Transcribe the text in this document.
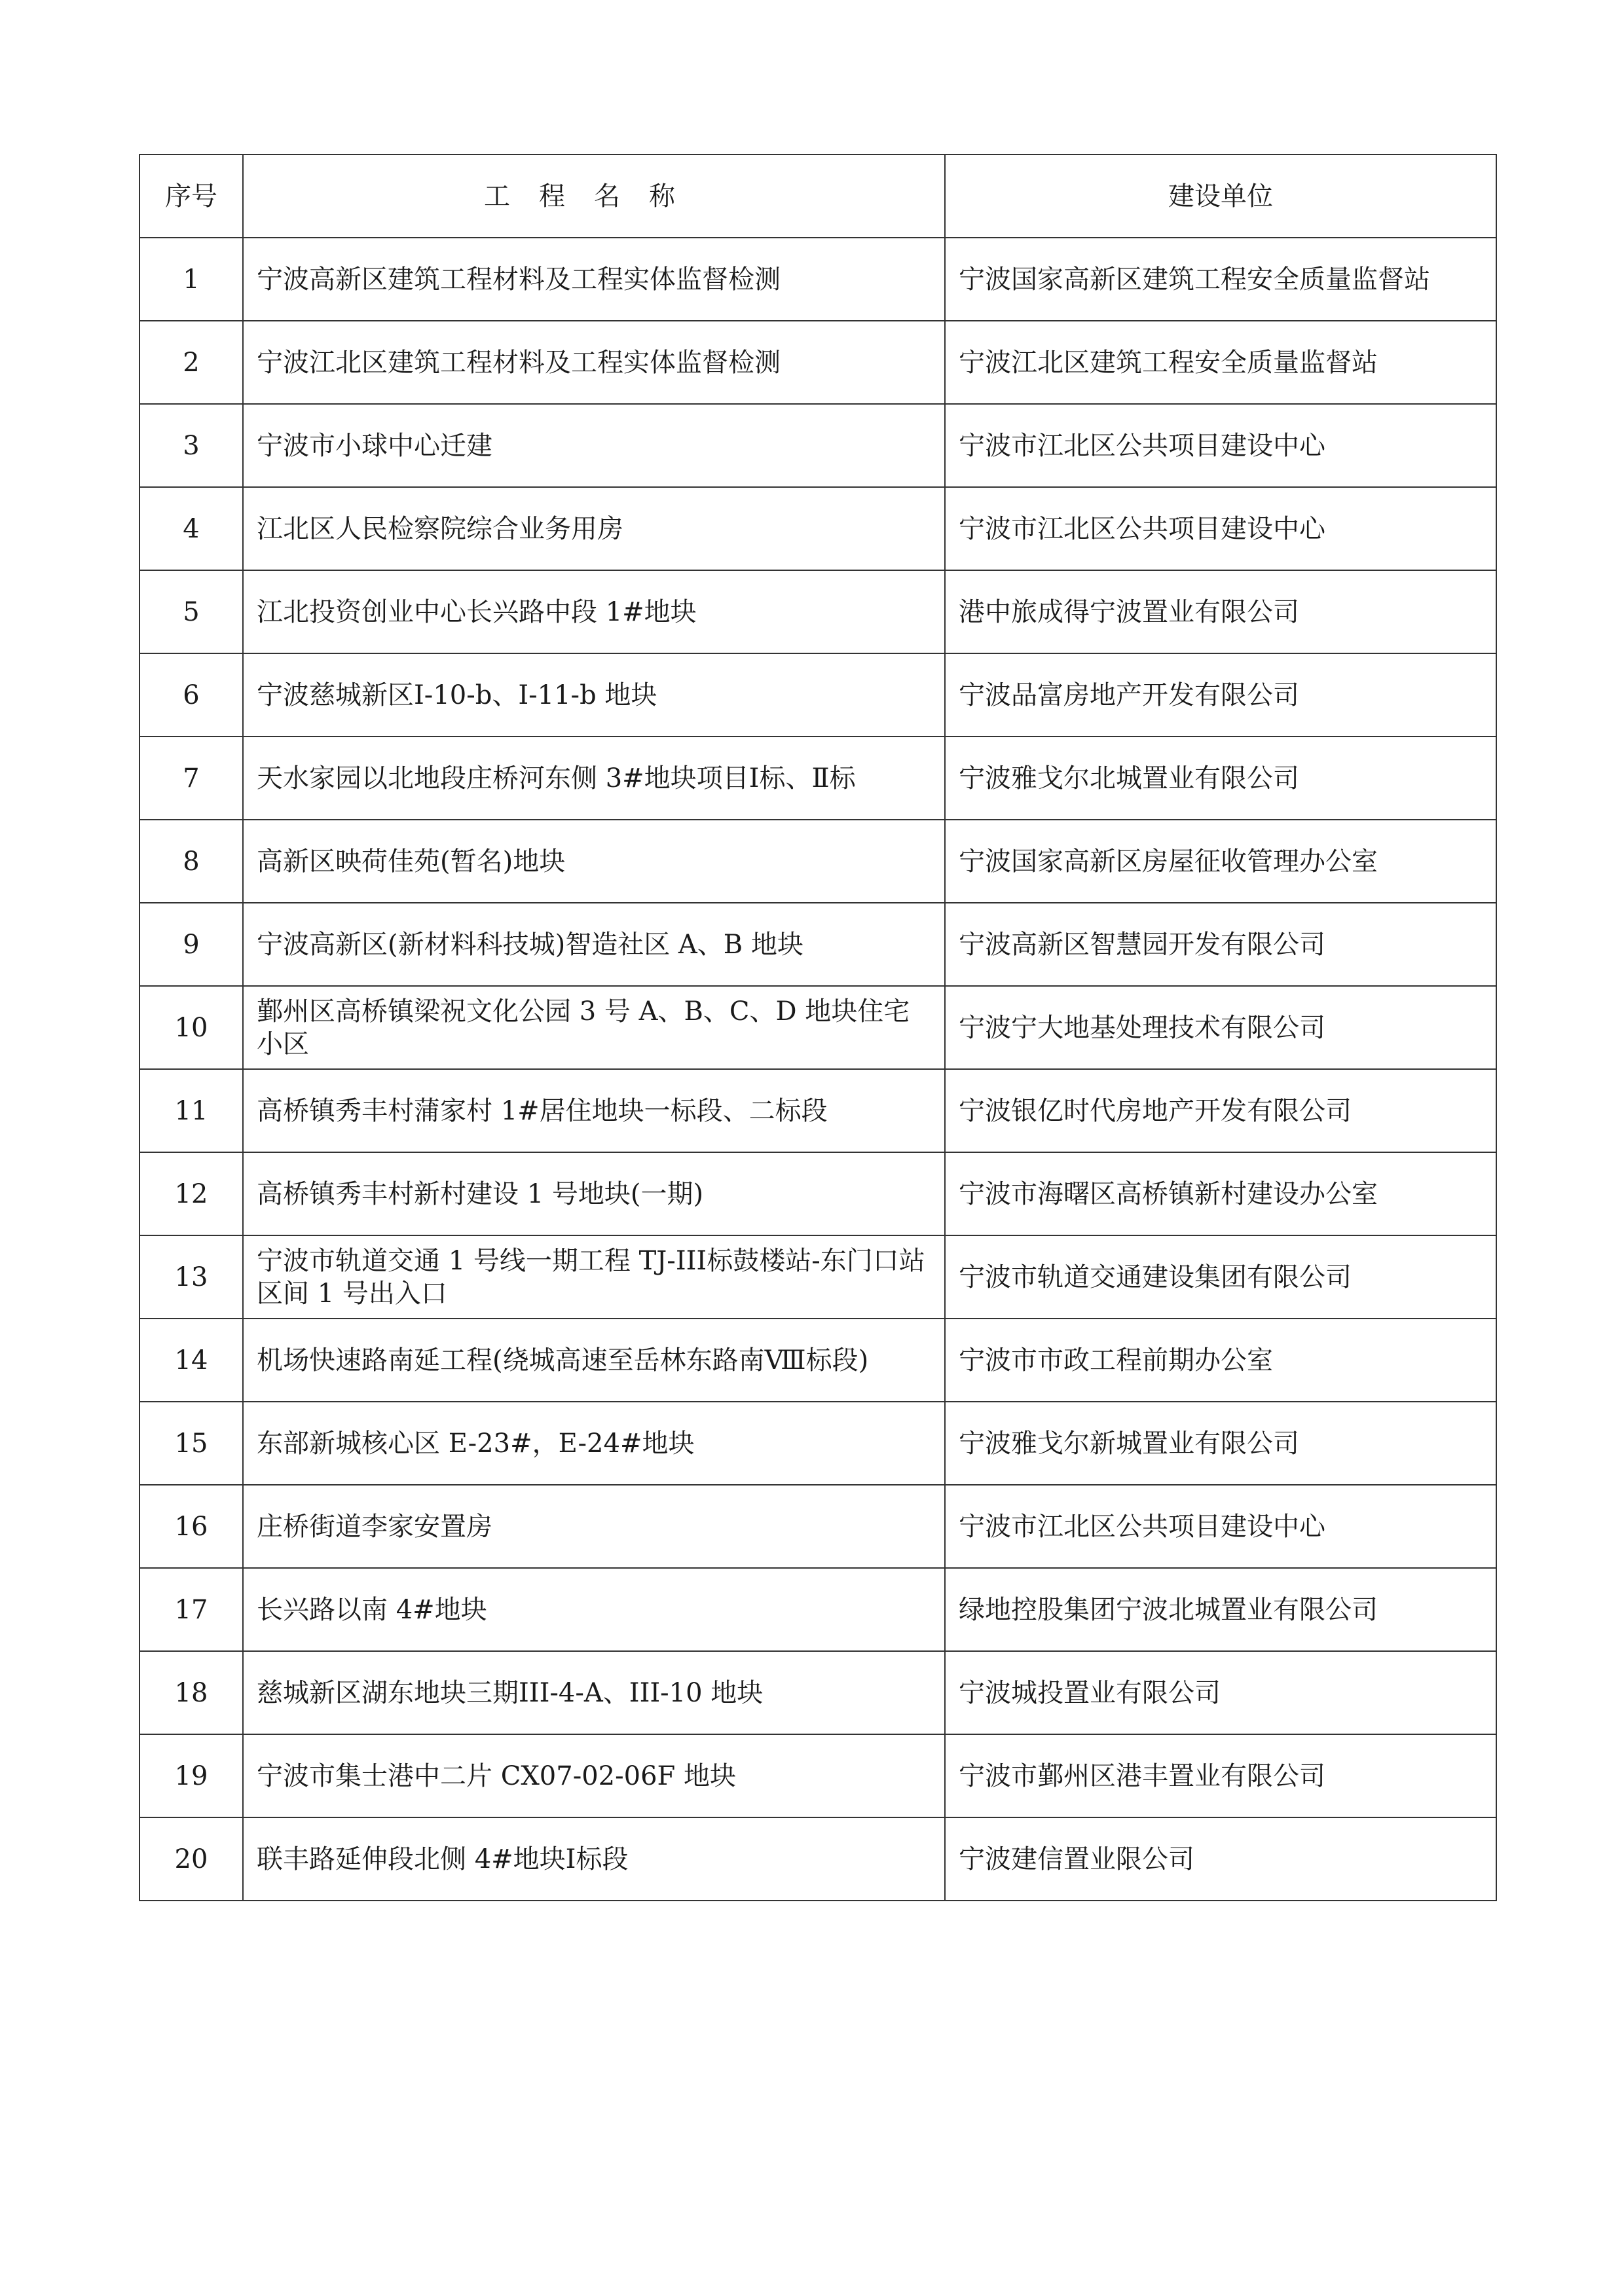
序号	工程名称	建设单位
1	宁波高新区建筑工程材料及工程实体监督检测	宁波国家高新区建筑工程安全质量监督站
2	宁波江北区建筑工程材料及工程实体监督检测	宁波江北区建筑工程安全质量监督站
3	宁波市小球中心迁建	宁波市江北区公共项目建设中心
4	江北区人民检察院综合业务用房	宁波市江北区公共项目建设中心
5	江北投资创业中心长兴路中段 1#地块	港中旅成得宁波置业有限公司
6	宁波慈城新区Ⅰ-10-b、Ⅰ-11-b 地块	宁波品富房地产开发有限公司
7	天水家园以北地段庄桥河东侧 3#地块项目Ⅰ标、Ⅱ标	宁波雅戈尔北城置业有限公司
8	高新区映荷佳苑(暂名)地块	宁波国家高新区房屋征收管理办公室
9	宁波高新区(新材料科技城)智造社区 A、B 地块	宁波高新区智慧园开发有限公司
10	鄞州区高桥镇梁祝文化公园 3 号 A、B、C、D 地块住宅小区	宁波宁大地基处理技术有限公司
11	高桥镇秀丰村蒲家村 1#居住地块一标段、二标段	宁波银亿时代房地产开发有限公司
12	高桥镇秀丰村新村建设 1 号地块(一期)	宁波市海曙区高桥镇新村建设办公室
13	宁波市轨道交通 1 号线一期工程 TJ-III标鼓楼站-东门口站区间 1 号出入口	宁波市轨道交通建设集团有限公司
14	机场快速路南延工程(绕城高速至岳林东路南Ⅷ标段)	宁波市市政工程前期办公室
15	东部新城核心区 E-23#，E-24#地块	宁波雅戈尔新城置业有限公司
16	庄桥街道李家安置房	宁波市江北区公共项目建设中心
17	长兴路以南 4#地块	绿地控股集团宁波北城置业有限公司
18	慈城新区湖东地块三期III-4-A、III-10 地块	宁波城投置业有限公司
19	宁波市集士港中二片 CX07-02-06F 地块	宁波市鄞州区港丰置业有限公司
20	联丰路延伸段北侧 4#地块Ⅰ标段	宁波建信置业限公司
